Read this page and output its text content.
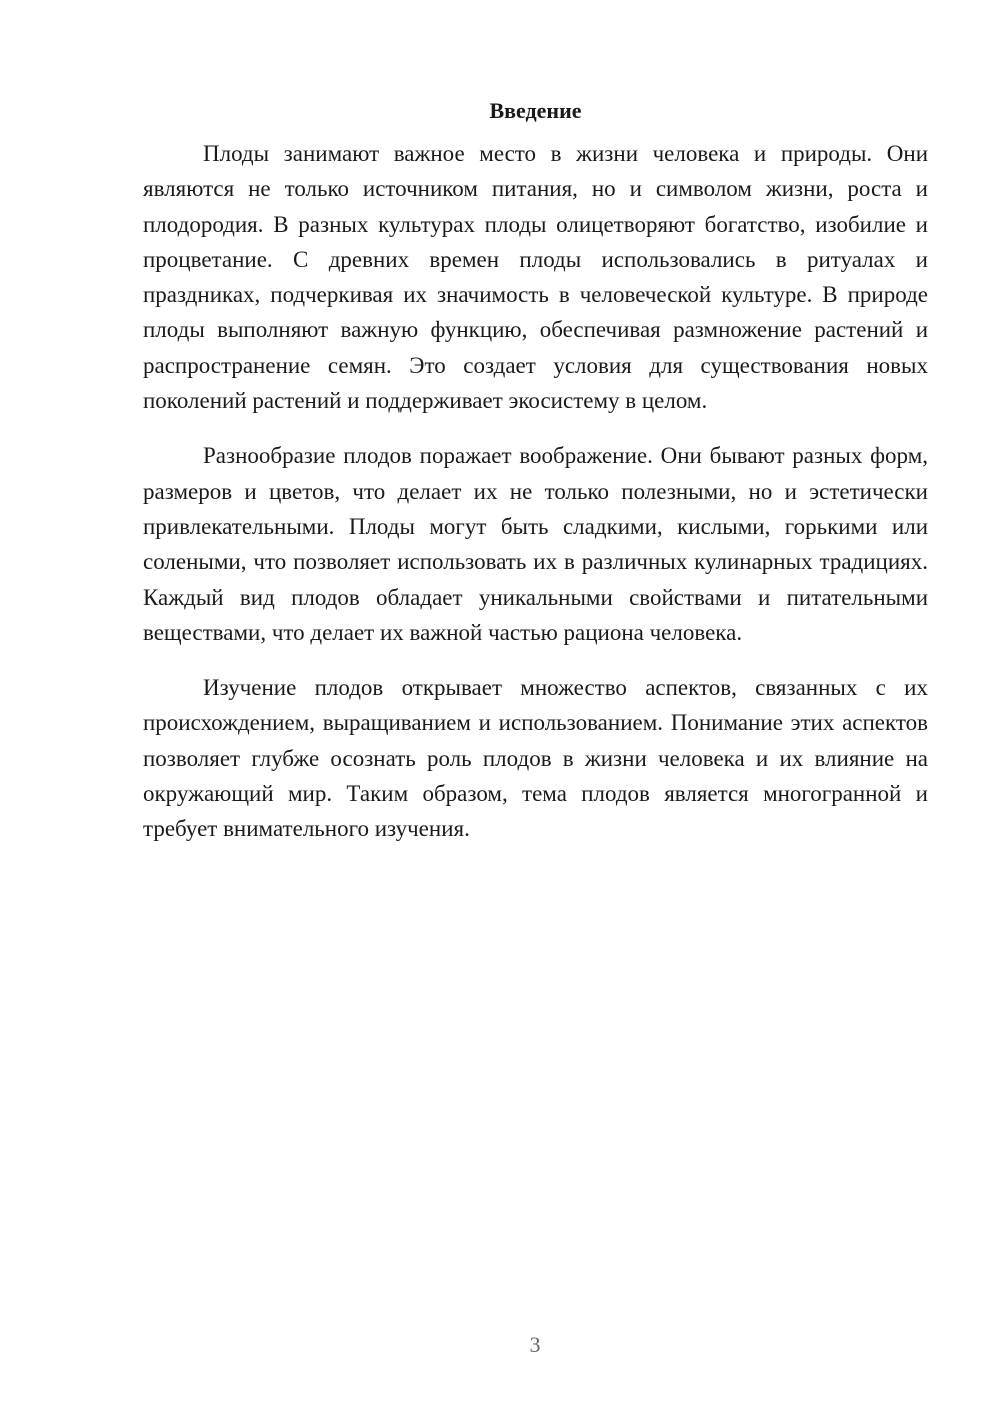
Введение

Плоды занимают важное место в жизни человека и природы. Они являются не только источником питания, но и символом жизни, роста и плодородия. В разных культурах плоды олицетворяют богатство, изобилие и процветание. С древних времен плоды использовались в ритуалах и праздниках, подчеркивая их значимость в человеческой культуре. В природе плоды выполняют важную функцию, обеспечивая размножение растений и распространение семян. Это создает условия для существования новых поколений растений и поддерживает экосистему в целом.

Разнообразие плодов поражает воображение. Они бывают разных форм, размеров и цветов, что делает их не только полезными, но и эстетически привлекательными. Плоды могут быть сладкими, кислыми, горькими или солеными, что позволяет использовать их в различных кулинарных традициях. Каждый вид плодов обладает уникальными свойствами и питательными веществами, что делает их важной частью рациона человека.

Изучение плодов открывает множество аспектов, связанных с их происхождением, выращиванием и использованием. Понимание этих аспектов позволяет глубже осознать роль плодов в жизни человека и их влияние на окружающий мир. Таким образом, тема плодов является многогранной и требует внимательного изучения.

3
